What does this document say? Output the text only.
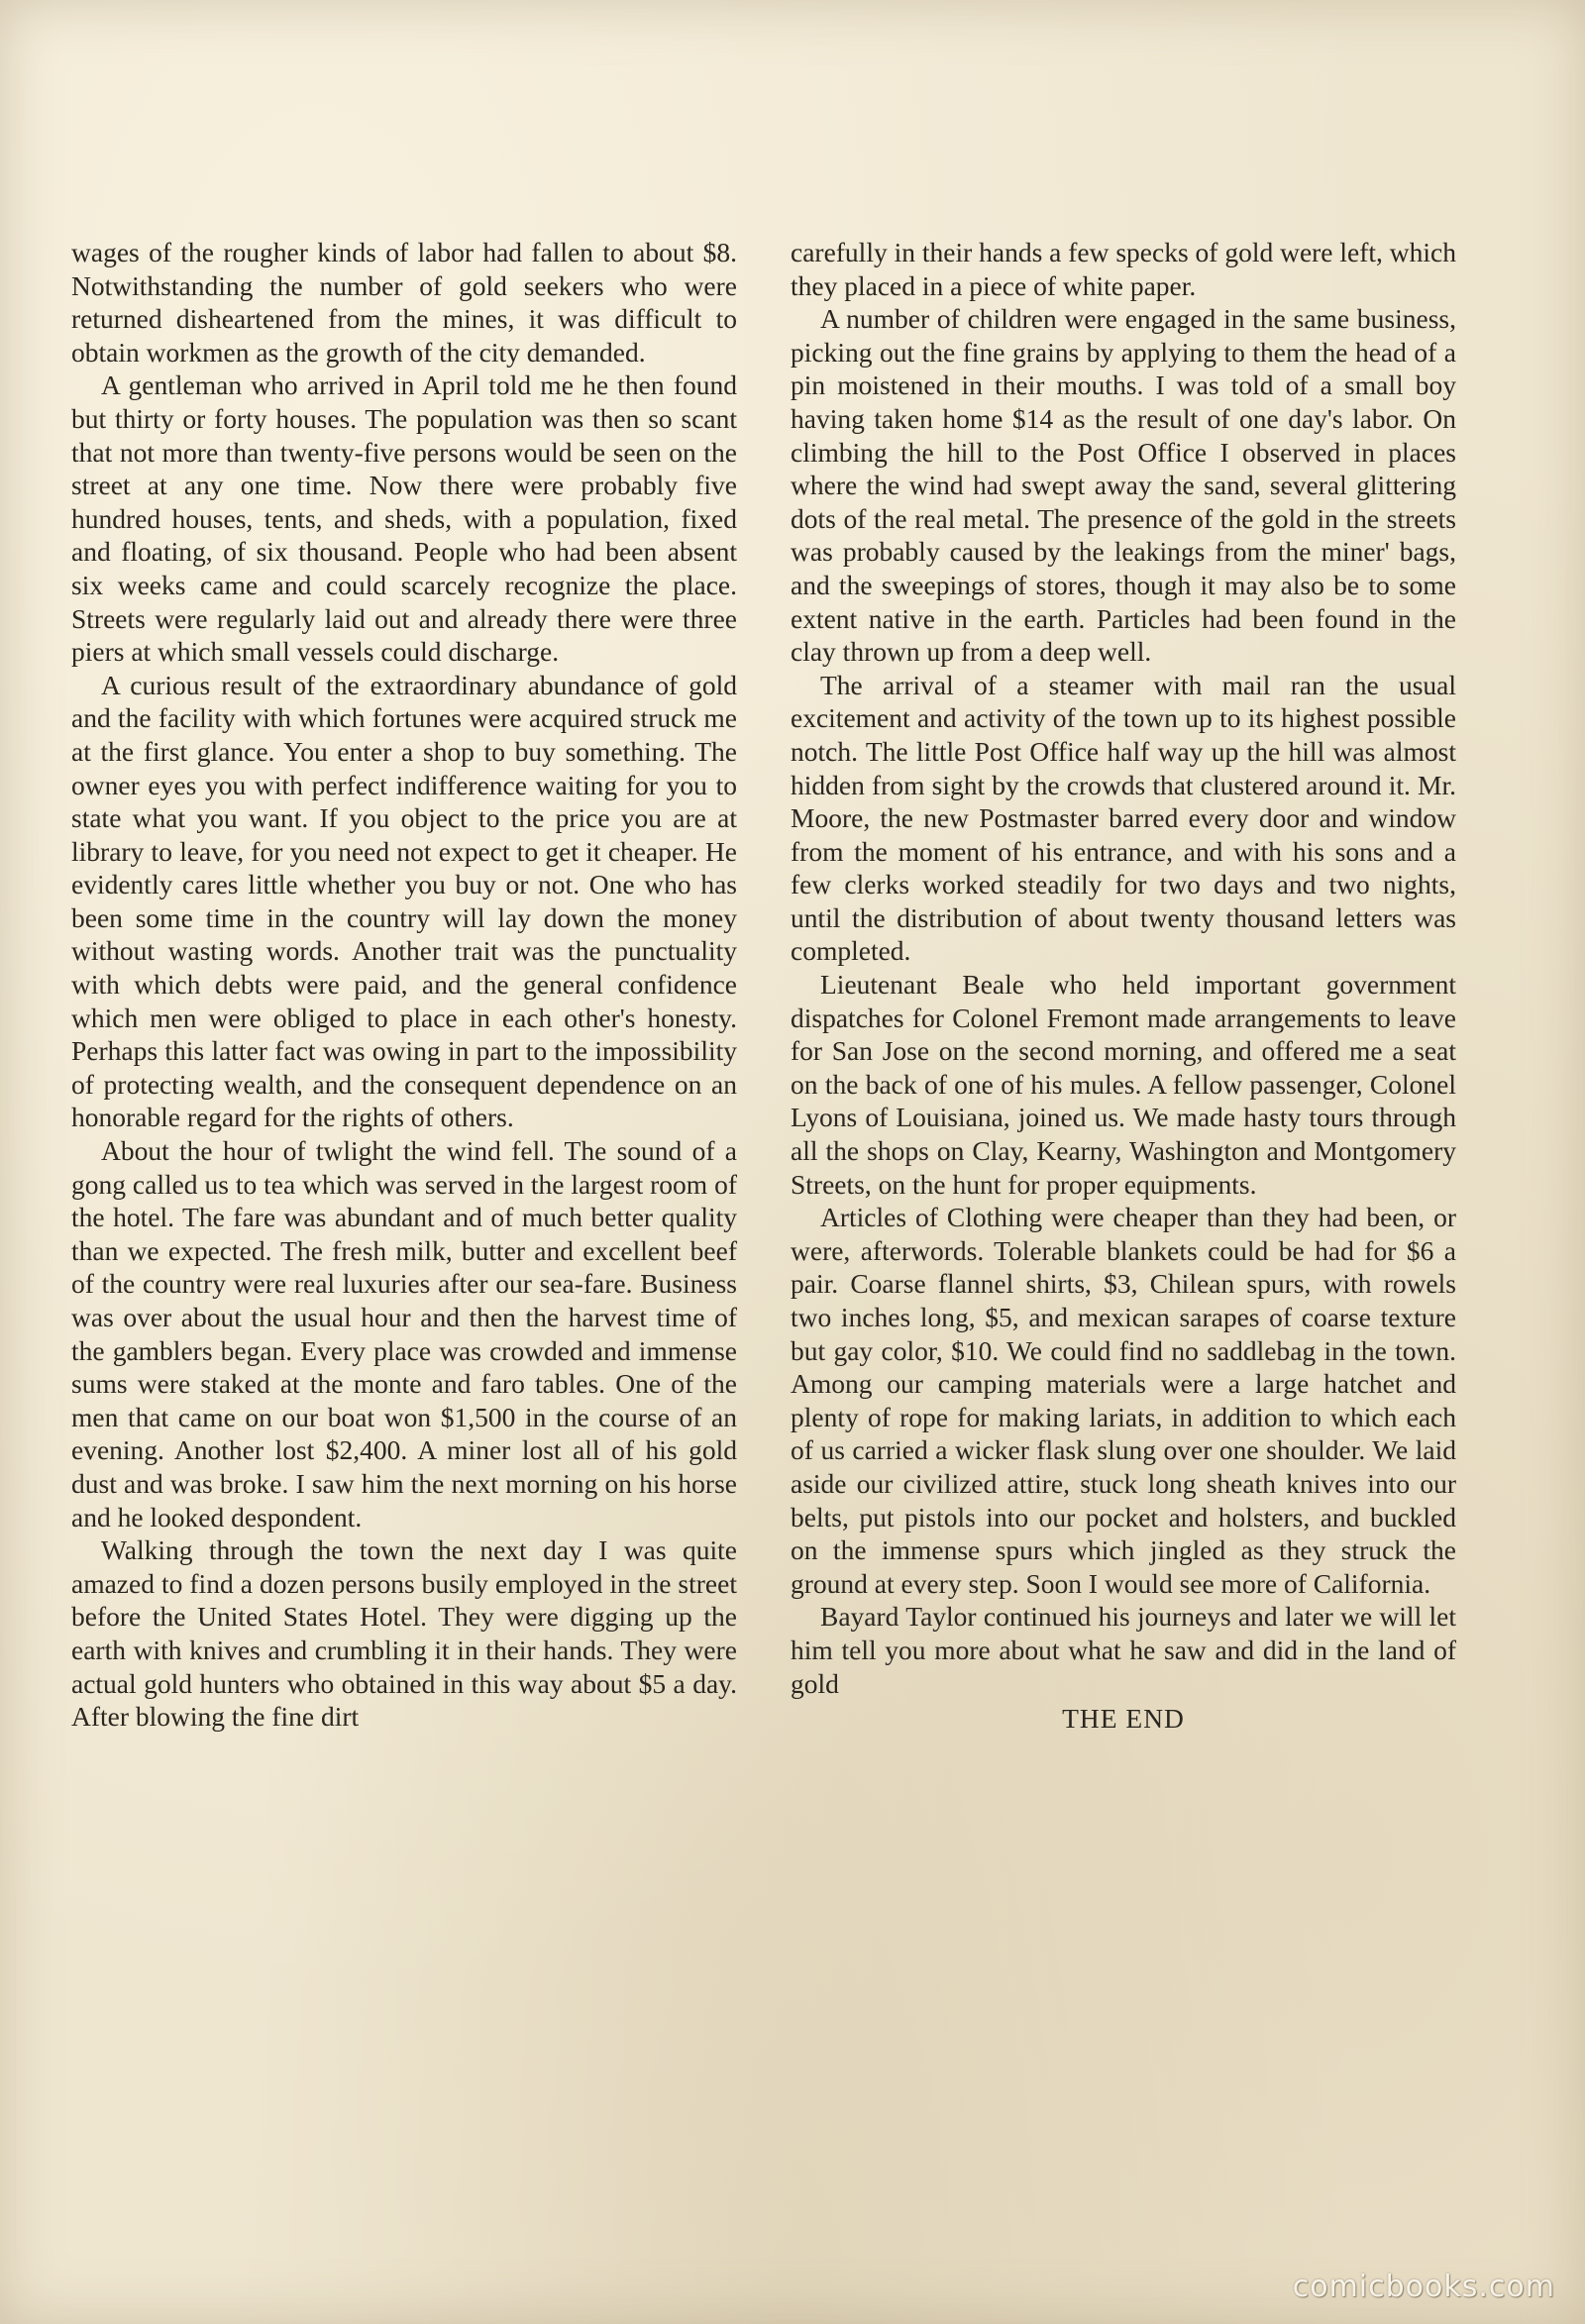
wages of the rougher kinds of labor had fallen to about $8. Notwithstanding the number of gold seekers who were returned disheartened from the mines, it was difficult to obtain workmen as the growth of the city demanded.

A gentleman who arrived in April told me he then found but thirty or forty houses. The population was then so scant that not more than twenty-five persons would be seen on the street at any one time. Now there were probably five hundred houses, tents, and sheds, with a population, fixed and floating, of six thousand. People who had been absent six weeks came and could scarcely recognize the place. Streets were regularly laid out and already there were three piers at which small vessels could discharge.

A curious result of the extraordinary abundance of gold and the facility with which fortunes were acquired struck me at the first glance. You enter a shop to buy something. The owner eyes you with perfect indifference waiting for you to state what you want. If you object to the price you are at library to leave, for you need not expect to get it cheaper. He evidently cares little whether you buy or not. One who has been some time in the country will lay down the money without wasting words. Another trait was the punctuality with which debts were paid, and the general confidence which men were obliged to place in each other's honesty. Perhaps this latter fact was owing in part to the impossibility of protecting wealth, and the consequent dependence on an honorable regard for the rights of others.

About the hour of twlight the wind fell. The sound of a gong called us to tea which was served in the largest room of the hotel. The fare was abundant and of much better quality than we expected. The fresh milk, butter and excellent beef of the country were real luxuries after our sea-fare. Business was over about the usual hour and then the harvest time of the gamblers began. Every place was crowded and immense sums were staked at the monte and faro tables. One of the men that came on our boat won $1,500 in the course of an evening. Another lost $2,400. A miner lost all of his gold dust and was broke. I saw him the next morning on his horse and he looked despondent.

Walking through the town the next day I was quite amazed to find a dozen persons busily employed in the street before the United States Hotel. They were digging up the earth with knives and crumbling it in their hands. They were actual gold hunters who obtained in this way about $5 a day. After blowing the fine dirt

carefully in their hands a few specks of gold were left, which they placed in a piece of white paper.

A number of children were engaged in the same business, picking out the fine grains by applying to them the head of a pin moistened in their mouths. I was told of a small boy having taken home $14 as the result of one day's labor. On climbing the hill to the Post Office I observed in places where the wind had swept away the sand, several glittering dots of the real metal. The presence of the gold in the streets was probably caused by the leakings from the miner' bags, and the sweepings of stores, though it may also be to some extent native in the earth. Particles had been found in the clay thrown up from a deep well.

The arrival of a steamer with mail ran the usual excitement and activity of the town up to its highest possible notch. The little Post Office half way up the hill was almost hidden from sight by the crowds that clustered around it. Mr. Moore, the new Postmaster barred every door and window from the moment of his entrance, and with his sons and a few clerks worked steadily for two days and two nights, until the distribution of about twenty thousand letters was completed.

Lieutenant Beale who held important government dispatches for Colonel Fremont made arrangements to leave for San Jose on the second morning, and offered me a seat on the back of one of his mules. A fellow passenger, Colonel Lyons of Louisiana, joined us. We made hasty tours through all the shops on Clay, Kearny, Washington and Montgomery Streets, on the hunt for proper equipments.

Articles of Clothing were cheaper than they had been, or were, afterwords. Tolerable blankets could be had for $6 a pair. Coarse flannel shirts, $3, Chilean spurs, with rowels two inches long, $5, and mexican sarapes of coarse texture but gay color, $10. We could find no saddlebag in the town. Among our camping materials were a large hatchet and plenty of rope for making lariats, in addition to which each of us carried a wicker flask slung over one shoulder. We laid aside our civilized attire, stuck long sheath knives into our belts, put pistols into our pocket and holsters, and buckled on the immense spurs which jingled as they struck the ground at every step. Soon I would see more of California.

Bayard Taylor continued his journeys and later we will let him tell you more about what he saw and did in the land of gold

THE END
comicbooks.com
